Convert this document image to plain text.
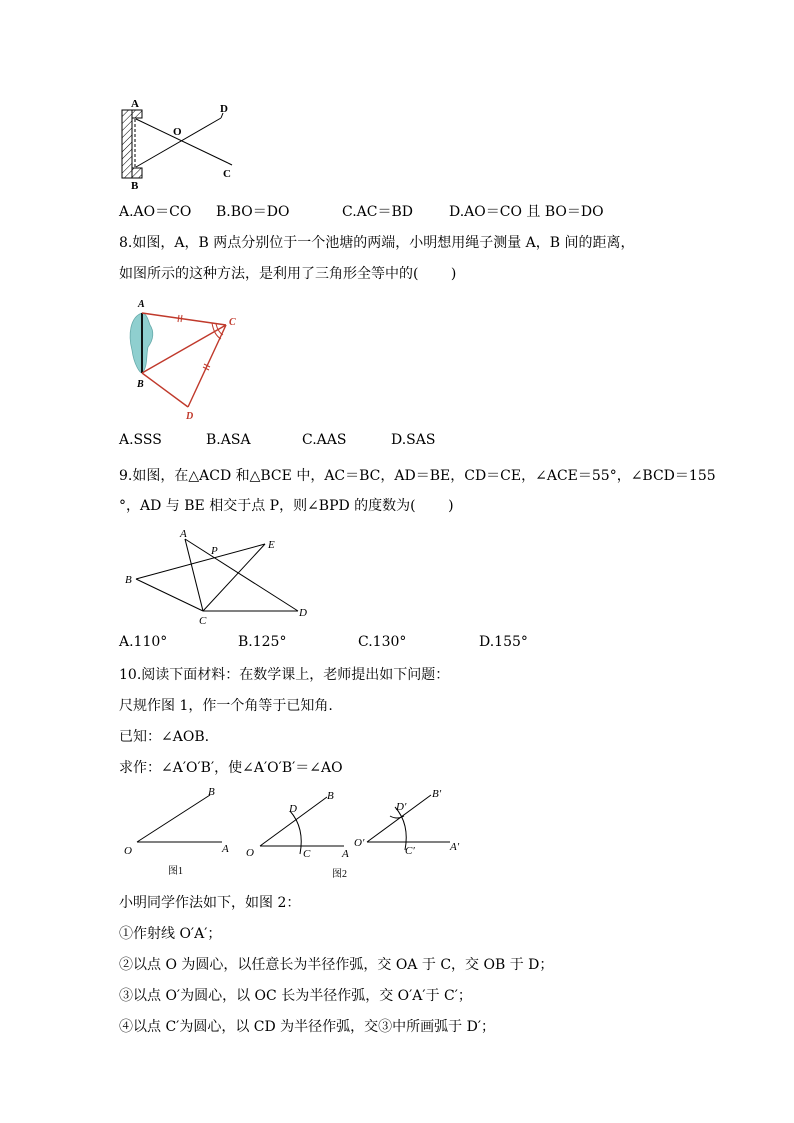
A
B
O
D
C
A.AO＝CO B.BO＝DO	C.AC＝BD	D.AO＝CO 且 BO＝DO
8.如图，A，B 两点分别位于一个池塘的两端，小明想用绳子测量 A，B 间的距离，
如图所示的这种方法，是利用了三角形全等中的(　　 )
A
B
C
D
A.SSS	B.ASA	C.AAS	D.SAS
9.如图，在△ACD 和△BCE 中，AC＝BC，AD＝BE，CD＝CE，∠ACE＝55°，∠BCD＝155
°，AD 与 BE 相交于点 P，则∠BPD 的度数为(　　 )
A
P	E
B
C
D
A.110°	B.125°	C.130°	D.155°
10.阅读下面材料：在数学课上，老师提出如下问题：
尺规作图 1，作一个角等于已知角.
已知：∠AOB.
求作：∠A′O′B′，使∠A′O′B′＝∠AO
B
O	A
图1
B
D
O	C	A
图2
B′
D′
O′
C′	A′
小明同学作法如下，如图 2：
①作射线 O′A′；
②以点 O 为圆心，以任意长为半径作弧，交 OA 于 C，交 OB 于 D；
③以点 O′为圆心，以 OC 长为半径作弧，交 O′A′于 C′；
④以点 C′为圆心，以 CD 为半径作弧，交③中所画弧于 D′；
